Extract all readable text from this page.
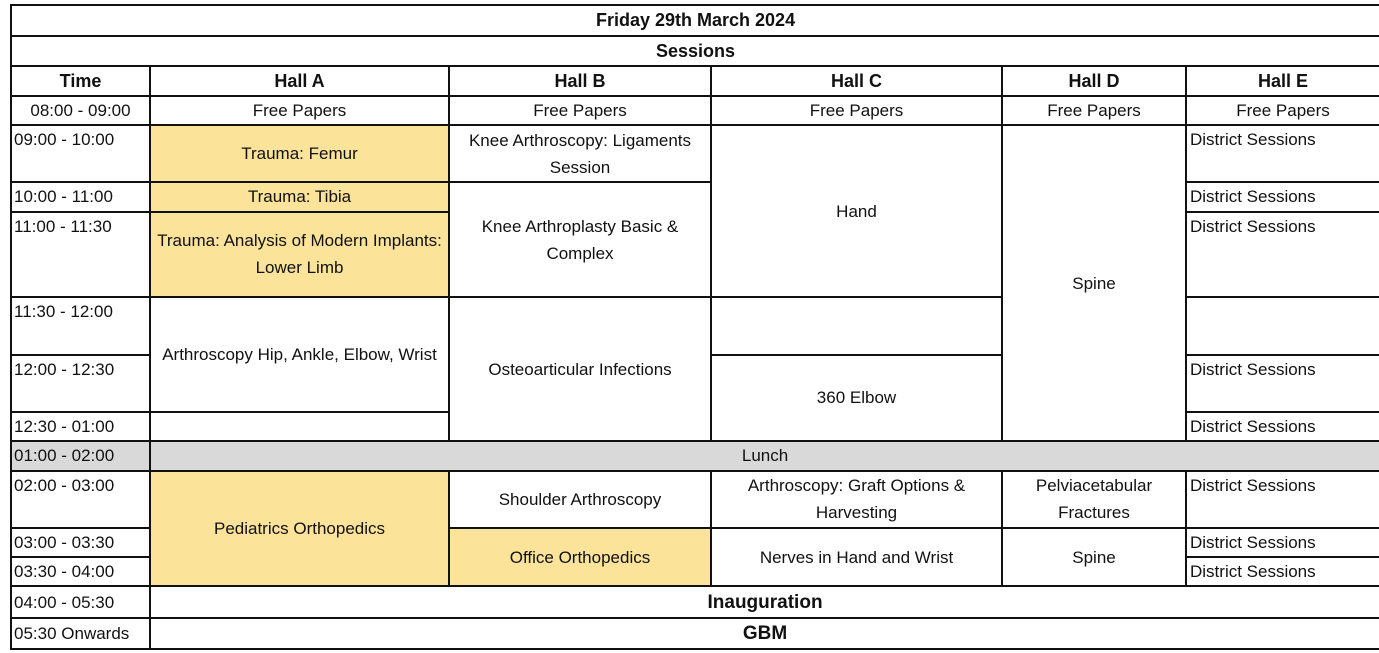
Friday 29th March 2024					
Sessions					
Time	Hall A	Hall B	Hall C	Hall D	Hall E
08:00 - 09:00	Free Papers	Free Papers	Free Papers	Free Papers	Free Papers
09:00 - 10:00	Trauma: Femur	Knee Arthroscopy: Ligaments Session	Hand	Spine	District Sessions
10:00 - 11:00	Trauma: Tibia	Knee Arthroplasty Basic & Complex			District Sessions
11:00 - 11:30	Trauma: Analysis of Modern Implants: Lower Limb				District Sessions
11:30 - 12:00	Arthroscopy Hip, Ankle, Elbow, Wrist	Osteoarticular Infections			
12:00 - 12:30			360 Elbow		District Sessions
12:30 - 01:00					District Sessions
01:00 - 02:00	Lunch				
02:00 - 03:00	Pediatrics Orthopedics	Shoulder Arthroscopy	Arthroscopy: Graft Options & Harvesting	Pelviacetabular Fractures	District Sessions
03:00 - 03:30		Office Orthopedics	Nerves in Hand and Wrist	Spine	District Sessions
03:30 - 04:00					District Sessions
04:00 - 05:30	Inauguration				
05:30 Onwards	GBM				
